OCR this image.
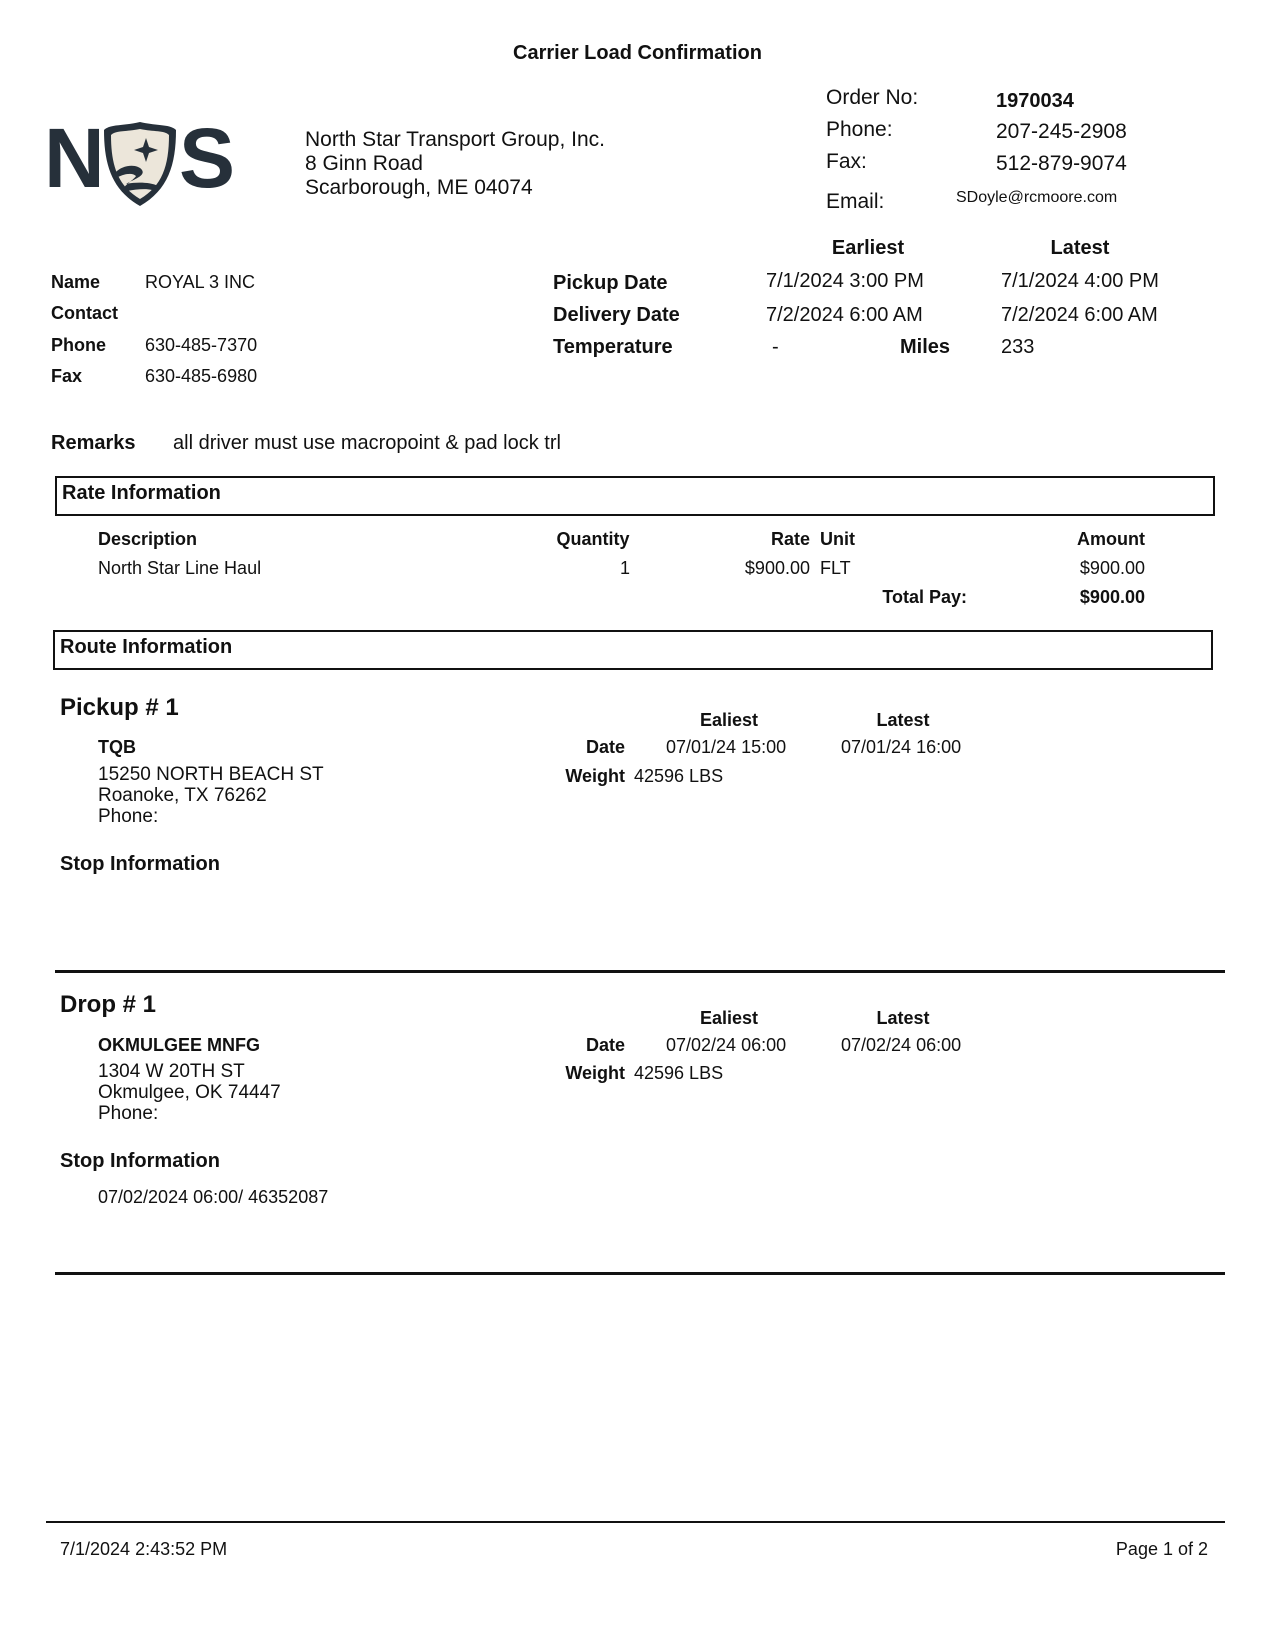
Carrier Load Confirmation
N S	North Star Transport Group, Inc.
8 Ginn Road
Scarborough, ME 04074
Order No:	1970034
Phone:	207-245-2908
Fax:	512-879-9074
Email:	SDoyle@rcmoore.com
Earliest	Latest
Name ROYAL 3 INC
Contact
Phone 630-485-7370
Fax	630-485-6980
Pickup Date	7/1/2024 3:00 PM	7/1/2024 4:00 PM
Delivery Date	7/2/2024 6:00 AM	7/2/2024 6:00 AM
Temperature	-	Miles	233
Remarks all driver must use macropoint & pad lock trl
Rate Information
Description	Quantity	Rate Unit	Amount
North Star Line Haul	1	$900.00 FLT	$900.00
Total Pay:	$900.00
Route Information
Pickup # 1	Ealiest	Latest
TQB	Date 07/01/24 15:00	07/01/24 16:00
15250 NORTH BEACH ST
Roanoke, TX 76262
Phone:
Weight 42596 LBS
Stop Information
Drop # 1	Ealiest	Latest
OKMULGEE MNFG	Date 07/02/24 06:00	07/02/24 06:00
1304 W 20TH ST
Okmulgee, OK 74447
Phone:
Weight 42596 LBS
Stop Information
07/02/2024 06:00/ 46352087
7/1/2024 2:43:52 PM	Page 1 of 2
